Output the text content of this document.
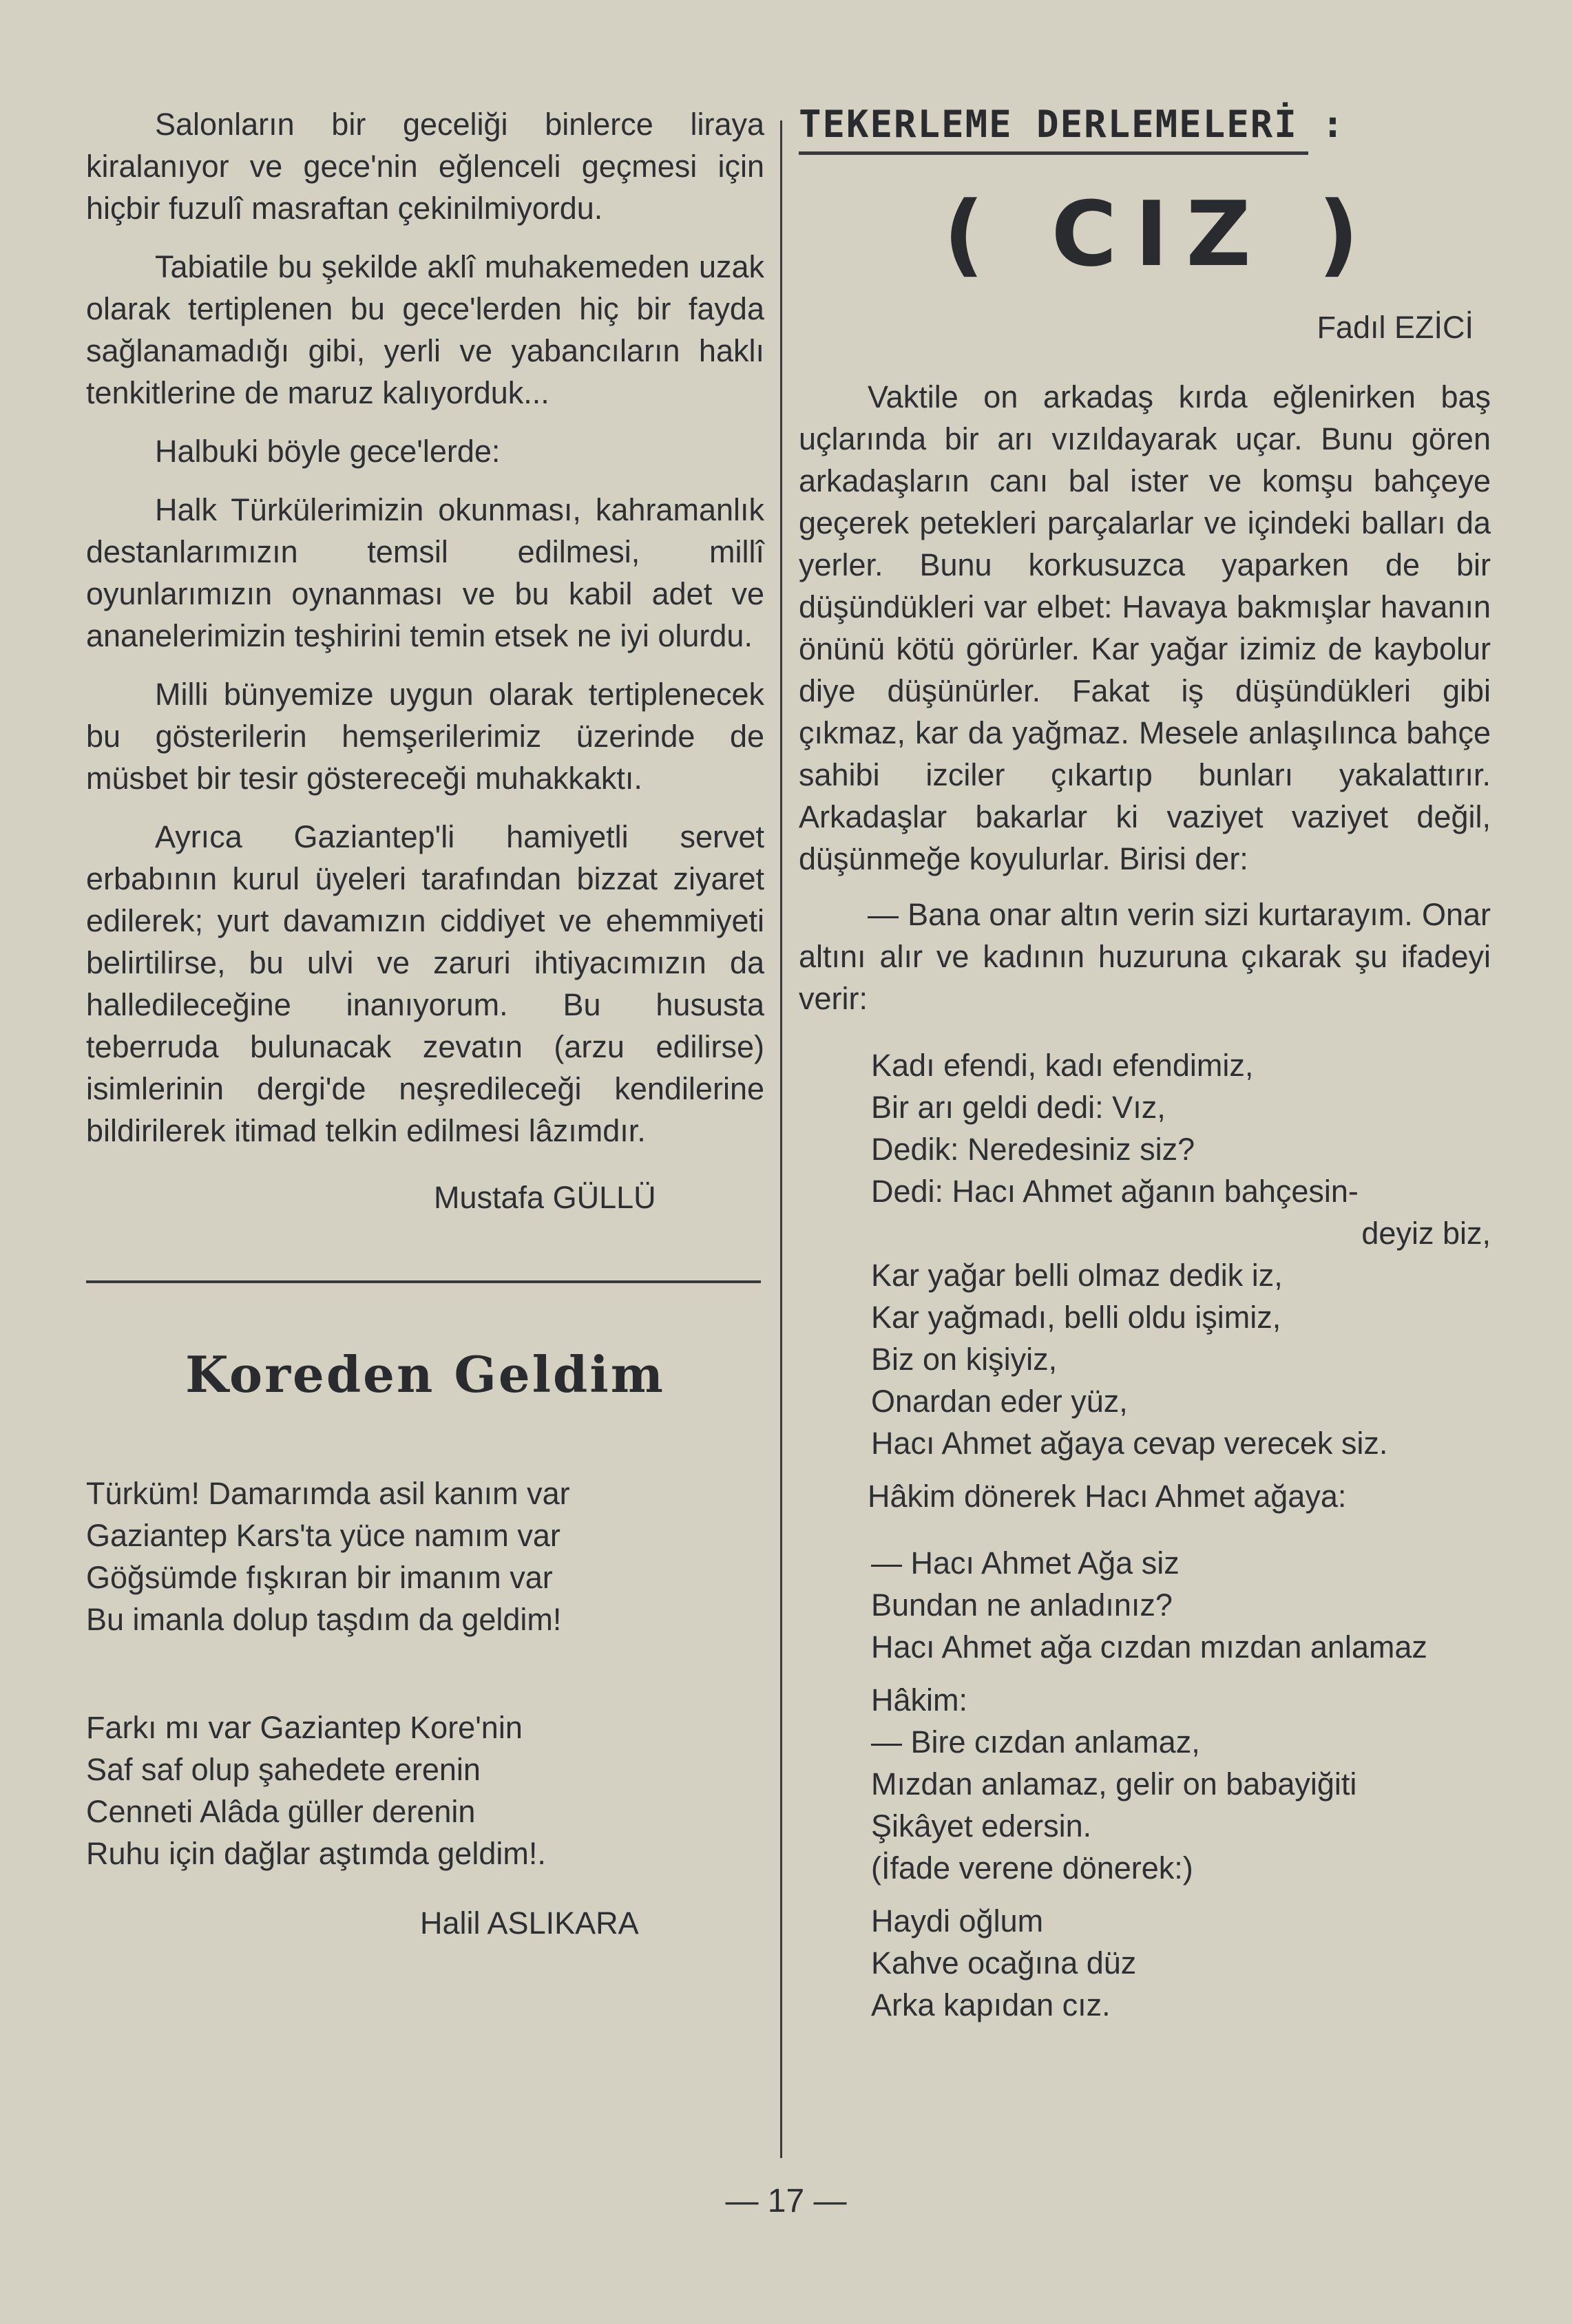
Salonların bir geceliği binlerce liraya kiralanıyor ve gece'nin eğlenceli geçmesi için hiçbir fuzulî masraftan çekinilmiyordu.

Tabiatile bu şekilde aklî muhakemeden uzak olarak tertiplenen bu gece'lerden hiç bir fayda sağlanamadığı gibi, yerli ve yabancıların haklı tenkitlerine de maruz kalıyorduk...

Halbuki böyle gece'lerde:

Halk Türkülerimizin okunması, kahramanlık destanlarımızın temsil edilmesi, millî oyunlarımızın oynanması ve bu kabil adet ve ananelerimizin teşhirini temin etsek ne iyi olurdu.

Milli bünyemize uygun olarak tertiplenecek bu gösterilerin hemşerilerimiz üzerinde de müsbet bir tesir göstereceği muhakkaktı.

Ayrıca Gaziantep'li hamiyetli servet erbabının kurul üyeleri tarafından bizzat ziyaret edilerek; yurt davamızın ciddiyet ve ehemmiyeti belirtilirse, bu ulvi ve zaruri ihtiyacımızın da halledileceğine inanıyorum. Bu hususta tebеrruda bulunacak zevatın (arzu edilirse) isimlerinin dergi'de neşredileceği kendilerine bildirilerek itimad telkin edilmesi lâzımdır.

Mustafa GÜLLÜ

Koreden Geldim
Türküm! Damarımda asil kanım var
Gaziantep Kars'ta yüce namım var
Göğsümde fışkıran bir imanım var
Bu imanla dolup taşdım da geldim!
Farkı mı var Gaziantep Kore'nin
Saf saf olup şahedete erenin
Cenneti Alâda güller derenin
Ruhu için dağlar aştımda geldim!.

Halil ASLIKARA

TEKERLEME DERLEMELERİ :
( CIZ )

Fadıl EZİCİ

Vaktile on arkadaş kırda eğlenirken baş uçlarında bir arı vızıldayarak uçar. Bunu gören arkadaşların canı bal ister ve komşu bahçeye geçerek petekleri parçalarlar ve içindeki balları da yerler. Bunu korkusuzca yaparken de bir düşündükleri var elbet: Havaya bakmışlar havanın önünü kötü görürler. Kar yağar izimiz de kaybolur diye düşünürler. Fakat iş düşündükleri gibi çıkmaz, kar da yağmaz. Mesele anlaşılınca bahçe sahibi izciler çıkartıp bunları yakalattırır. Arkadaşlar bakarlar ki vaziyet vaziyet değil, düşünmeğe koyulurlar. Birisi der:

— Bana onar altın verin sizi kurtarayım. Onar altını alır ve kadının huzuruna çıkarak şu ifadeyi verir:

Kadı efendi, kadı efendimiz,
Bir arı geldi dedi: Vız,
Dedik: Neredesiniz siz?
Dedi: Hacı Ahmet ağanın bahçesin-
deyiz biz,
Kar yağar belli olmaz dedik iz,
Kar yağmadı, belli oldu işimiz,
Biz on kişiyiz,
Onardan eder yüz,
Hacı Ahmet ağaya cevap verecek siz.

Hâkim dönerek Hacı Ahmet ağaya:

— Hacı Ahmet Ağa siz
Bundan ne anladınız?
Hacı Ahmet ağa cızdan mızdan anlamaz
Hâkim:
— Bire cızdan anlamaz,
Mızdan anlamaz, gelir on babayiğiti
Şikâyet edersin.
(İfade verene dönerek:)
Haydi oğlum
Kahve ocağına düz
Arka kapıdan cız.
— 17 —
